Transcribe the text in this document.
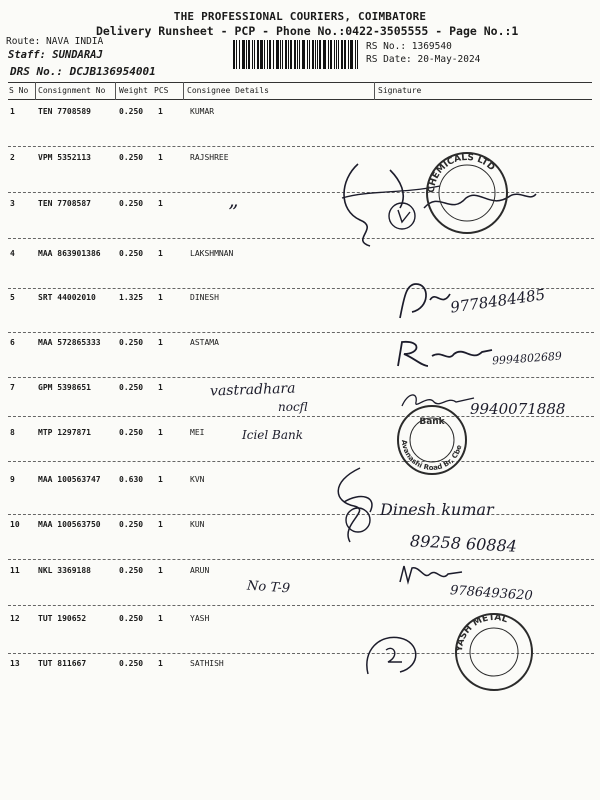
THE PROFESSIONAL COURIERS, COIMBATORE
Delivery Runsheet - PCP - Phone No.:0422-3505555 - Page No.:1
Route: NAVA INDIA
Staff: SUNDARAJ
DRS No.: DCJB136954001
RS No.: 1369540
RS Date: 20-May-2024
S No Consignment No Weight PCS Consignee Details	Signature
1	TEN 7708589	0.250 1	KUMAR
2	VPM 5352113	0.250 1	RAJSHREE
3	TEN 7708587	0.250 1
4	MAA 863901386 0.250 1	LAKSHMNAN
5	SRT 44002010	1.325 1	DINESH
6	MAA 572865333 0.250 1	ASTAMA
7	GPM 5398651	0.250 1
8	MTP 1297871	0.250 1	MEI
9	MAA 100563747 0.630 1	KVN
10 MAA 100563750 0.250 1	KUN
11 NKL 3369188	0.250 1	ARUN
12 TUT 190652	0.250 1	YASH
13 TUT 811667	0.250 1	SATHISH
”
9778484485
9994802689
vastradhara
nocfl	9940071888
Iciel Bank
Dinesh kumar
89258 60884
No T-9	9786493620
CHEMICALS LTD
Bank
Avanashi Road Br, Cbe
YASH METAL
